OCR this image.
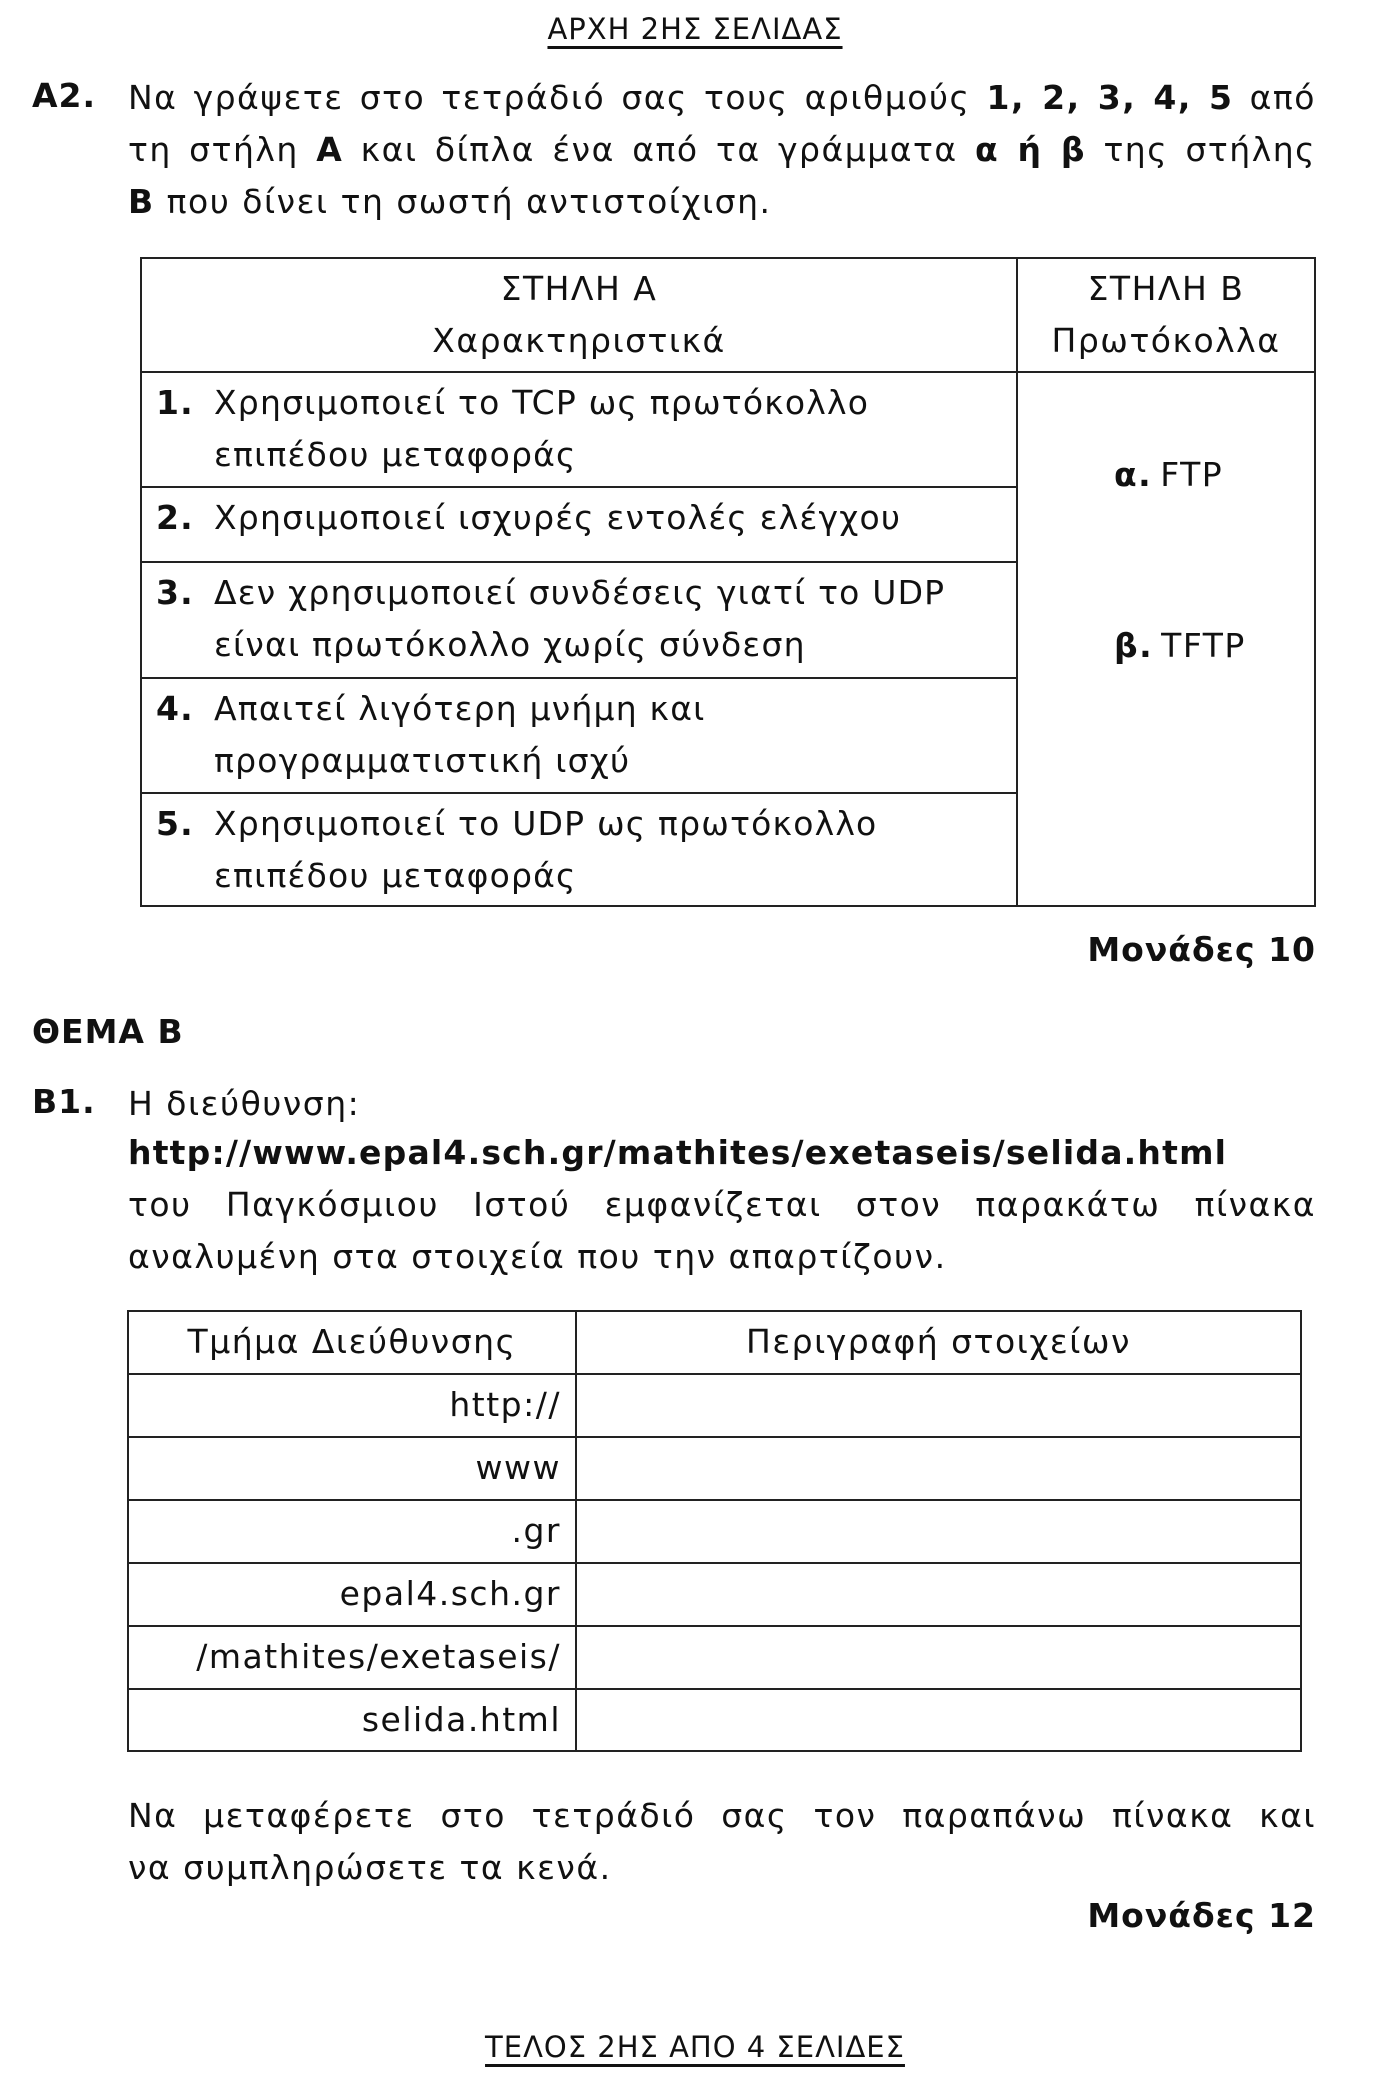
ΑΡΧΗ 2ΗΣ ΣΕΛΙΔΑΣ
Α2. Να γράψετε στο τετράδιό σας τους αριθμούς 1, 2, 3, 4, 5 από
τη στήλη Α και δίπλα ένα από τα γράμματα α ή β της στήλης
Β που δίνει τη σωστή αντιστοίχιση.
ΣΤΗΛΗ Α
Χαρακτηριστικά
ΣΤΗΛΗ Β
Πρωτόκολλα
1. Χρησιμοποιεί το TCP ως πρωτόκολλο
επιπέδου μεταφοράς
2. Χρησιμοποιεί ισχυρές εντολές ελέγχου
3. Δεν χρησιμοποιεί συνδέσεις γιατί το UDP
είναι πρωτόκολλο χωρίς σύνδεση
4. Απαιτεί λιγότερη μνήμη και
προγραμματιστική ισχύ
5. Χρησιμοποιεί το UDP ως πρωτόκολλο
επιπέδου μεταφοράς
α. FTP
β. TFTP
Μονάδες 10
ΘΕΜΑ Β
Β1. Η διεύθυνση:
http://www.epal4.sch.gr/mathites/exetaseis/selida.html
του Παγκόσμιου Ιστού εμφανίζεται στον παρακάτω πίνακα
αναλυμένη στα στοιχεία που την απαρτίζουν.
Τμήμα Διεύθυνσης	Περιγραφή στοιχείων
http://
www
.gr
epal4.sch.gr
/mathites/exetaseis/
selida.html
Να μεταφέρετε στο τετράδιό σας τον παραπάνω πίνακα και
να συμπληρώσετε τα κενά.
Μονάδες 12
ΤΕΛΟΣ 2ΗΣ ΑΠΟ 4 ΣΕΛΙΔΕΣ
